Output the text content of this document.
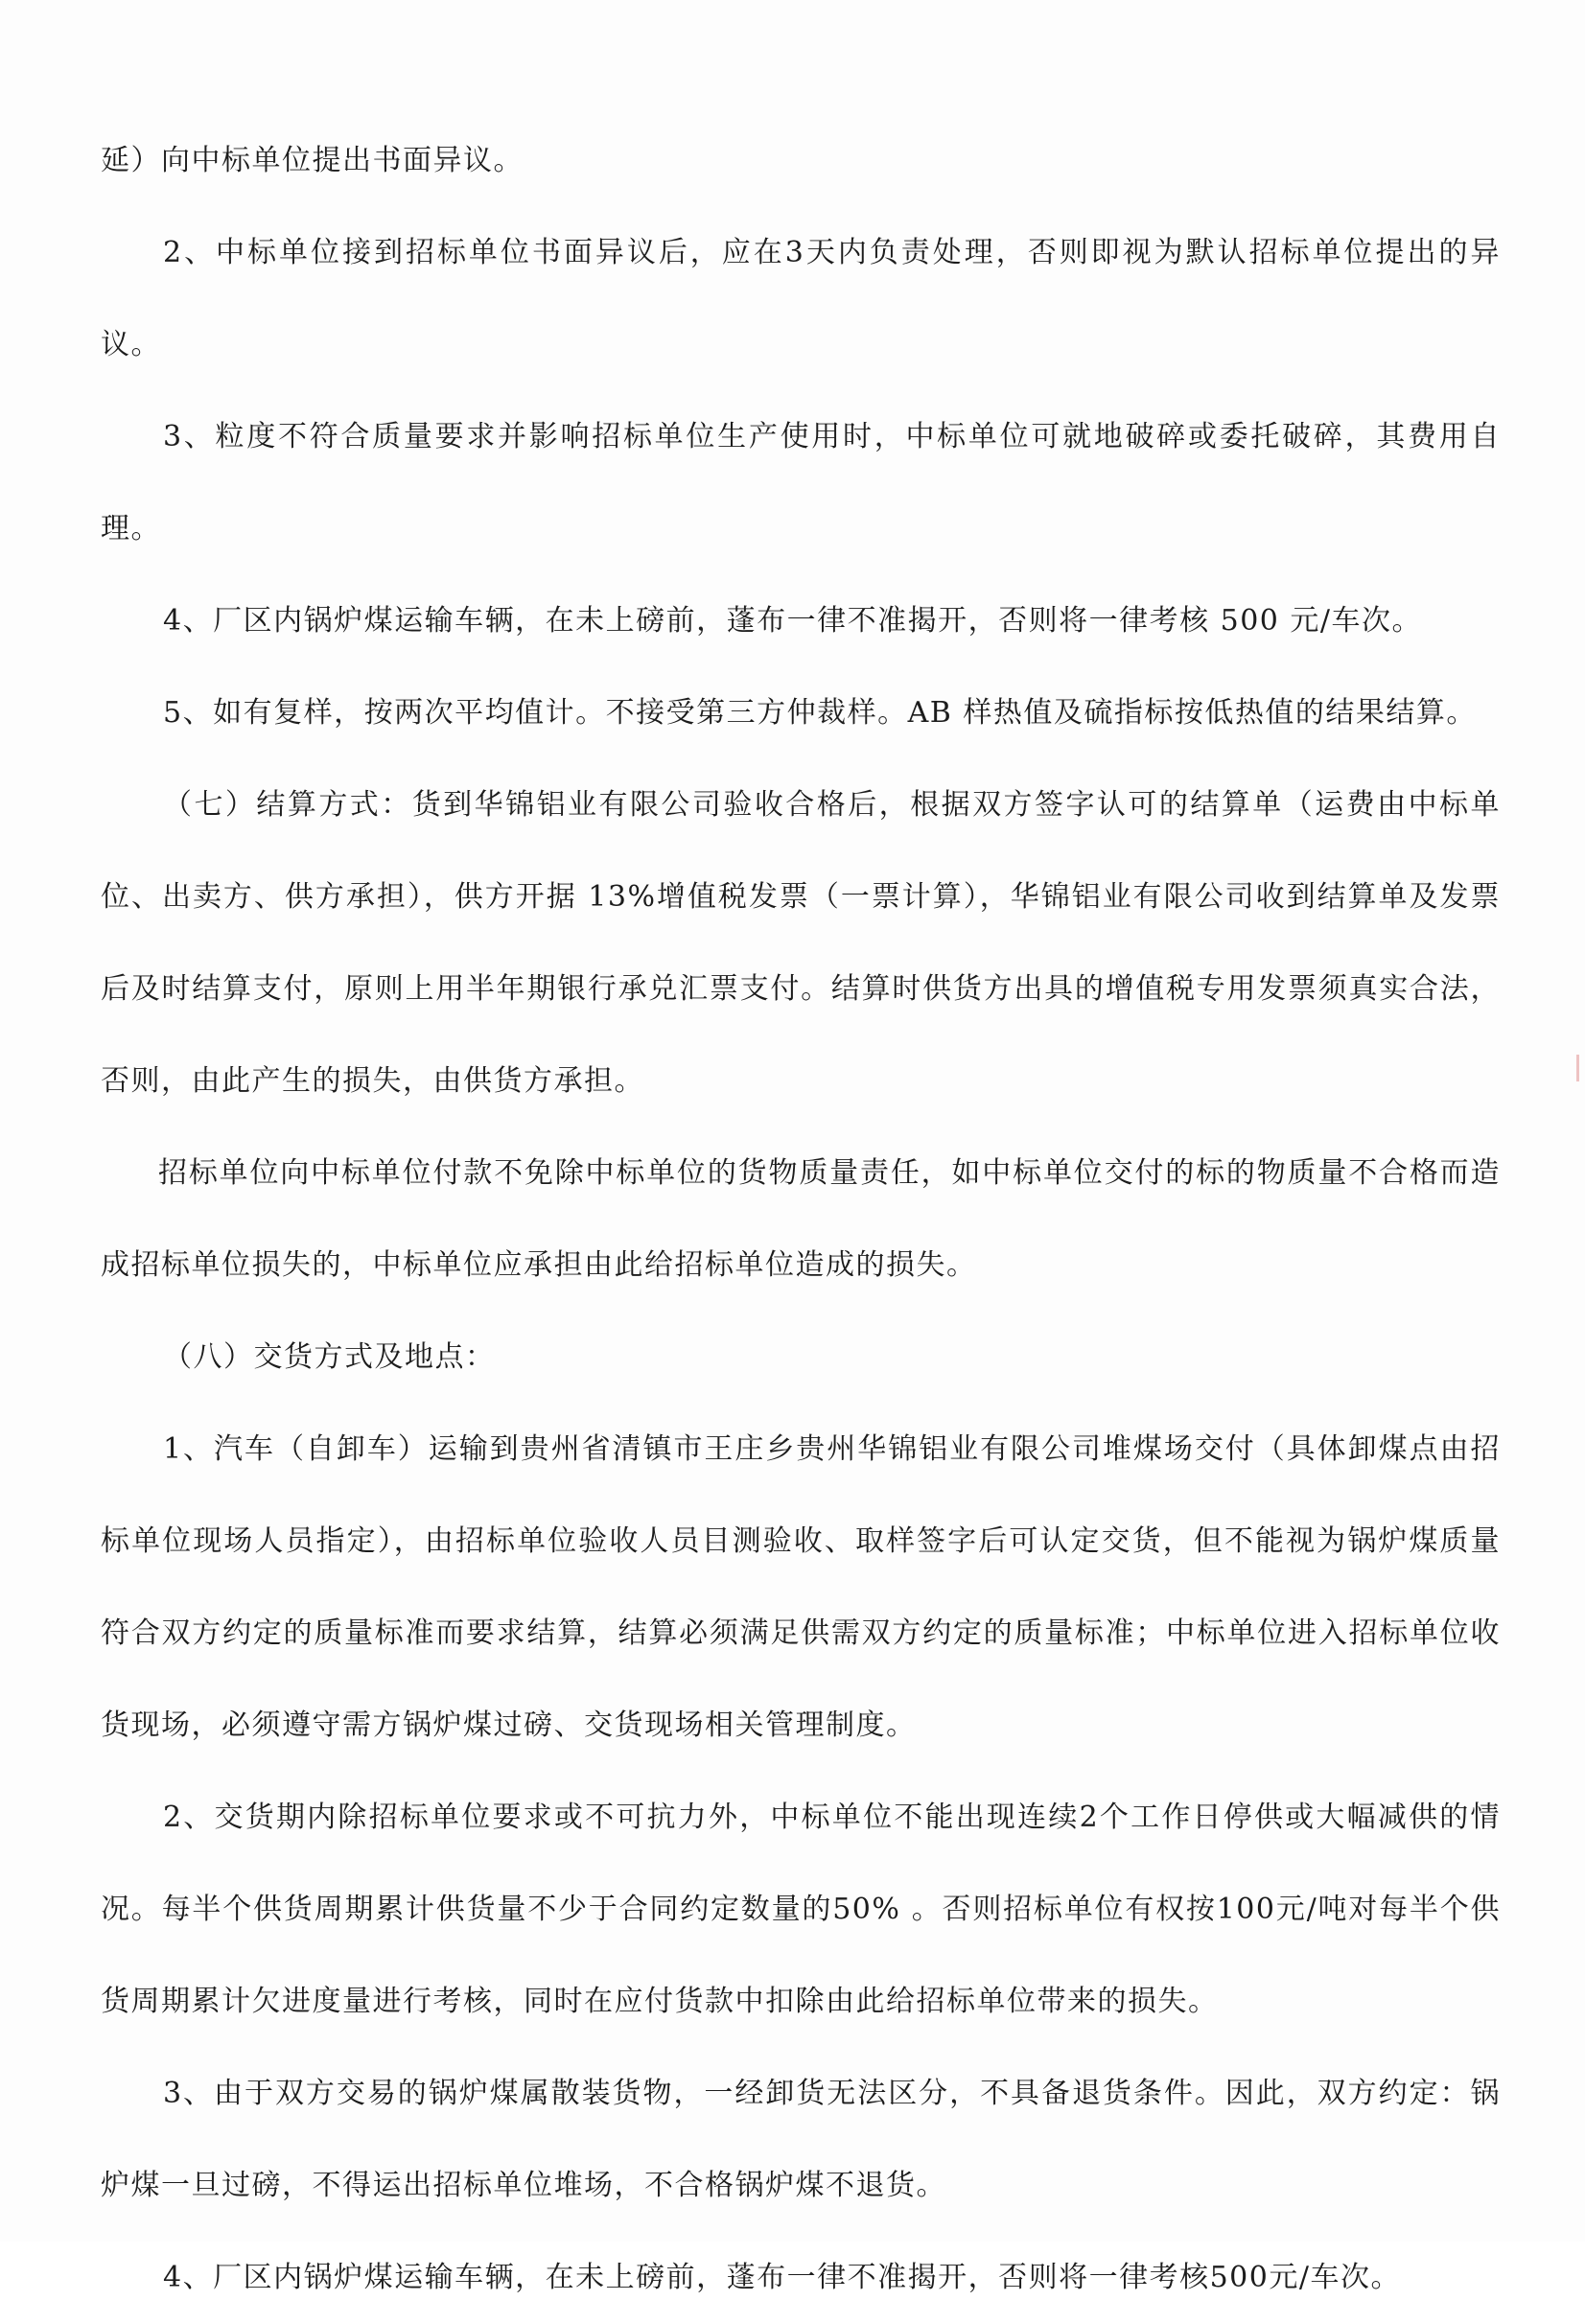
延）向中标单位提出书面异议。

2、中标单位接到招标单位书面异议后，应在3天内负责处理，否则即视为默认招标单位提出的异议。

3、粒度不符合质量要求并影响招标单位生产使用时，中标单位可就地破碎或委托破碎，其费用自理。

4、厂区内锅炉煤运输车辆，在未上磅前，蓬布一律不准揭开，否则将一律考核 500 元/车次。

5、如有复样，按两次平均值计。不接受第三方仲裁样。AB 样热值及硫指标按低热值的结果结算。

（七）结算方式：货到华锦铝业有限公司验收合格后，根据双方签字认可的结算单（运费由中标单位、出卖方、供方承担），供方开据 13%增值税发票（一票计算），华锦铝业有限公司收到结算单及发票后及时结算支付，原则上用半年期银行承兑汇票支付。结算时供货方出具的增值税专用发票须真实合法，否则，由此产生的损失，由供货方承担。

招标单位向中标单位付款不免除中标单位的货物质量责任，如中标单位交付的标的物质量不合格而造成招标单位损失的，中标单位应承担由此给招标单位造成的损失。

（八）交货方式及地点：

1、汽车（自卸车）运输到贵州省清镇市王庄乡贵州华锦铝业有限公司堆煤场交付（具体卸煤点由招标单位现场人员指定），由招标单位验收人员目测验收、取样签字后可认定交货，但不能视为锅炉煤质量符合双方约定的质量标准而要求结算，结算必须满足供需双方约定的质量标准；中标单位进入招标单位收货现场，必须遵守需方锅炉煤过磅、交货现场相关管理制度。

2、交货期内除招标单位要求或不可抗力外，中标单位不能出现连续2个工作日停供或大幅减供的情况。每半个供货周期累计供货量不少于合同约定数量的50% 。否则招标单位有权按100元/吨对每半个供货周期累计欠进度量进行考核，同时在应付货款中扣除由此给招标单位带来的损失。

3、由于双方交易的锅炉煤属散装货物，一经卸货无法区分，不具备退货条件。因此，双方约定：锅炉煤一旦过磅，不得运出招标单位堆场，不合格锅炉煤不退货。

4、厂区内锅炉煤运输车辆，在未上磅前，蓬布一律不准揭开，否则将一律考核500元/车次。
